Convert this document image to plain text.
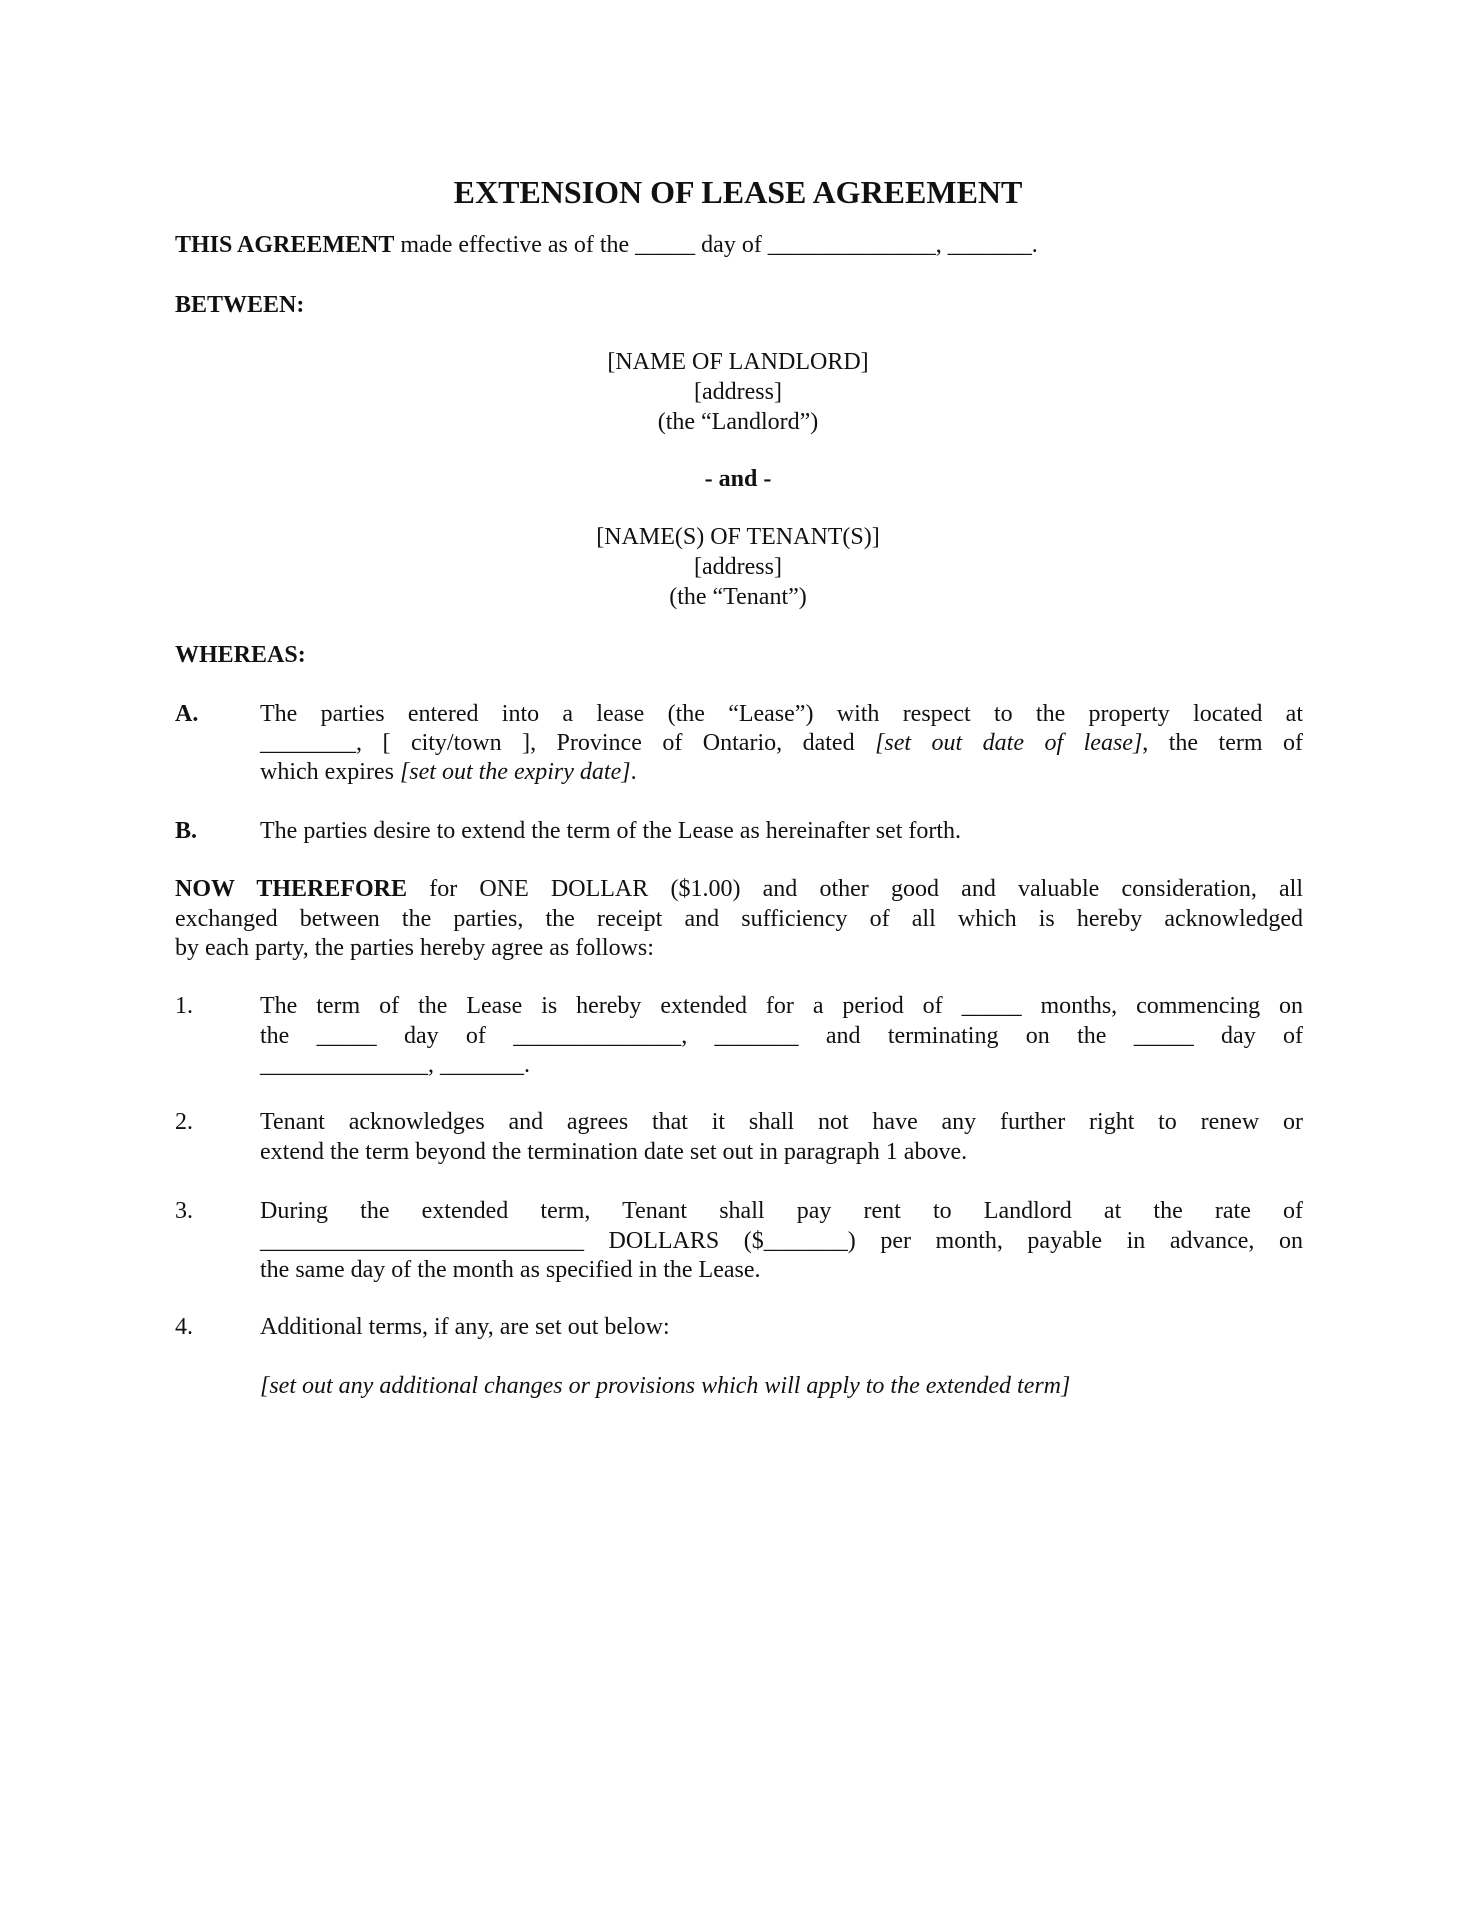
EXTENSION OF LEASE AGREEMENT
THIS AGREEMENT made effective as of the _____ day of ______________, _______.
BETWEEN:
[NAME OF LANDLORD]
[address]
(the “Landlord”)
- and -
[NAME(S) OF TENANT(S)]
[address]
(the “Tenant”)
WHEREAS:
A.	The parties entered into a lease (the “Lease”) with respect to the property located at
________, [ city/town ], Province of Ontario, dated [set out date of lease], the term of
which expires [set out the expiry date].
B.	The parties desire to extend the term of the Lease as hereinafter set forth.
NOW THEREFORE for ONE DOLLAR ($1.00) and other good and valuable consideration, all
exchanged between the parties, the receipt and sufficiency of all which is hereby acknowledged
by each party, the parties hereby agree as follows:
1.	The term of the Lease is hereby extended for a period of _____ months, commencing on
the _____ day of ______________, _______ and terminating on the _____ day of
______________, _______.
2.	Tenant acknowledges and agrees that it shall not have any further right to renew or
extend the term beyond the termination date set out in paragraph 1 above.
3.	During the extended term, Tenant shall pay rent to Landlord at the rate of
___________________________ DOLLARS ($_______) per month, payable in advance, on
the same day of the month as specified in the Lease.
4.	Additional terms, if any, are set out below:
[set out any additional changes or provisions which will apply to the extended term]
